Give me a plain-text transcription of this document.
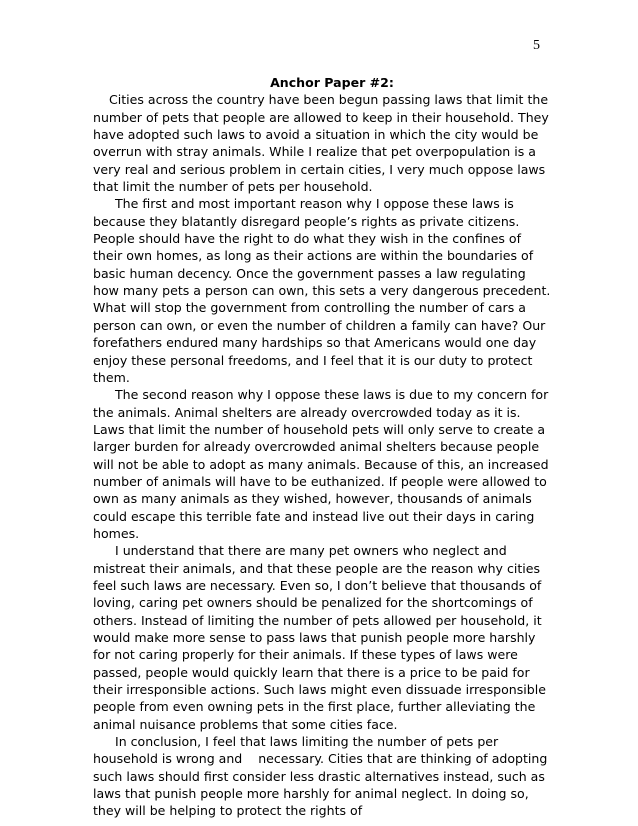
5
Anchor Paper #2:

Cities across the country have been begun passing laws that limit the number of pets that people are allowed to keep in their household. They have adopted such laws to avoid a situation in which the city would be overrun with stray animals. While I realize that pet overpopulation is a very real and serious problem in certain cities, I very much oppose laws that limit the number of pets per household.

The first and most important reason why I oppose these laws is because they blatantly disregard people’s rights as private citizens. People should have the right to do what they wish in the confines of their own homes, as long as their actions are within the boundaries of basic human decency. Once the government passes a law regulating how many pets a person can own, this sets a very dangerous precedent. What will stop the government from controlling the number of cars a person can own, or even the number of children a family can have? Our forefathers endured many hardships so that Americans would one day enjoy these personal freedoms, and I feel that it is our duty to protect them.

The second reason why I oppose these laws is due to my concern for the animals. Animal shelters are already overcrowded today as it is. Laws that limit the number of household pets will only serve to create a larger burden for already overcrowded animal shelters because people will not be able to adopt as many animals. Because of this, an increased number of animals will have to be euthanized. If people were allowed to own as many animals as they wished, however, thousands of animals could escape this terrible fate and instead live out their days in caring homes.

I understand that there are many pet owners who neglect and mistreat their animals, and that these people are the reason why cities feel such laws are necessary. Even so, I don’t believe that thousands of loving, caring pet owners should be penalized for the shortcomings of others. Instead of limiting the number of pets allowed per household, it would make more sense to pass laws that punish people more harshly for not caring properly for their animals. If these types of laws were passed, people would quickly learn that there is a price to be paid for their irresponsible actions. Such laws might even dissuade irresponsible people from even owning pets in the first place, further alleviating the animal nuisance problems that some cities face.

In conclusion, I feel that laws limiting the number of pets per household is wrong and    necessary. Cities that are thinking of adopting such laws should first consider less drastic alternatives instead, such as laws that punish people more harshly for animal neglect. In doing so, they will be helping to protect the rights of
